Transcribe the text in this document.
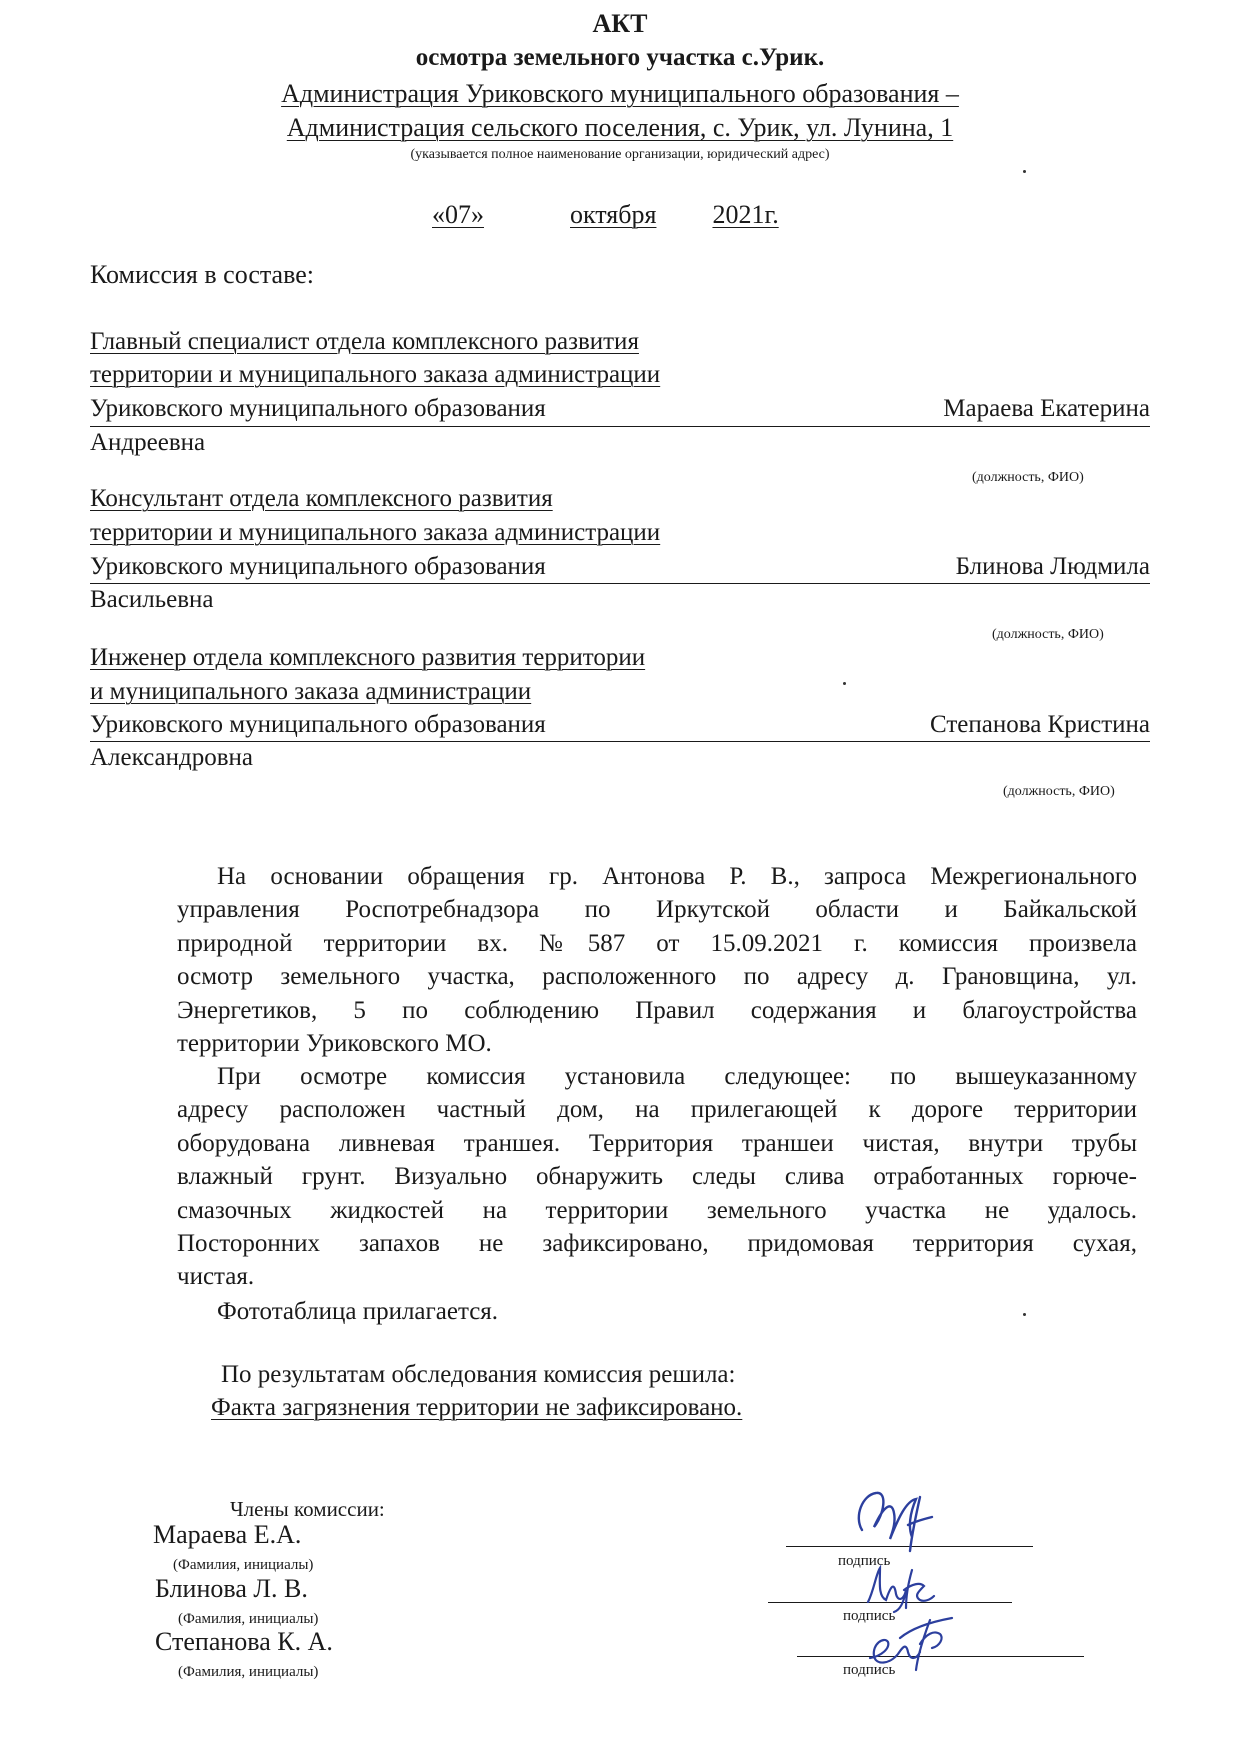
АКТ
осмотра земельного участка с.Урик.
Администрация Уриковского муниципального образования –
Администрация сельского поселения, с. Урик, ул. Лунина, 1
(указывается полное наименование организации, юридический адрес)
«07»	октября 2021г.
Комиссия в составе:
Главный специалист отдела комплексного развития
территории и муниципального заказа администрации
Уриковского муниципального образования	Мараева Екатерина
Андреевна
(должность, ФИО)
Консультант отдела комплексного развития
территории и муниципального заказа администрации
Уриковского муниципального образования	Блинова Людмила
Васильевна
(должность, ФИО)
Инженер отдела комплексного развития территории
и муниципального заказа администрации
Уриковского муниципального образования	Степанова Кристина
Александровна
(должность, ФИО)
На основании обращения гр. Антонова Р. В., запроса Межрегионального
управления Роспотребнадзора по Иркутской области и Байкальской
природной территории вх. №587 от 15.09.2021 г. комиссия произвела
осмотр земельного участка, расположенного по адресу д. Грановщина, ул.
Энергетиков, 5 по соблюдению Правил содержания и благоустройства
территории Уриковского МО.
При осмотре комиссия установила следующее: по вышеуказанному
адресу расположен частный дом, на прилегающей к дороге территории
оборудована ливневая траншея. Территория траншеи чистая, внутри трубы
влажный грунт. Визуально обнаружить следы слива отработанных горюче-
смазочных жидкостей на территории земельного участка не удалось.
Посторонних запахов не зафиксировано, придомовая территория сухая,
чистая.
Фототаблица прилагается.
По результатам обследования комиссия решила:
Факта загрязнения территории не зафиксировано.
Члены комиссии:
Мараева Е.А.
(Фамилия, инициалы)	подпись
Блинова Л. В.
(Фамилия, инициалы)	подпись
Степанова К. А.
(Фамилия, инициалы)	подпись
